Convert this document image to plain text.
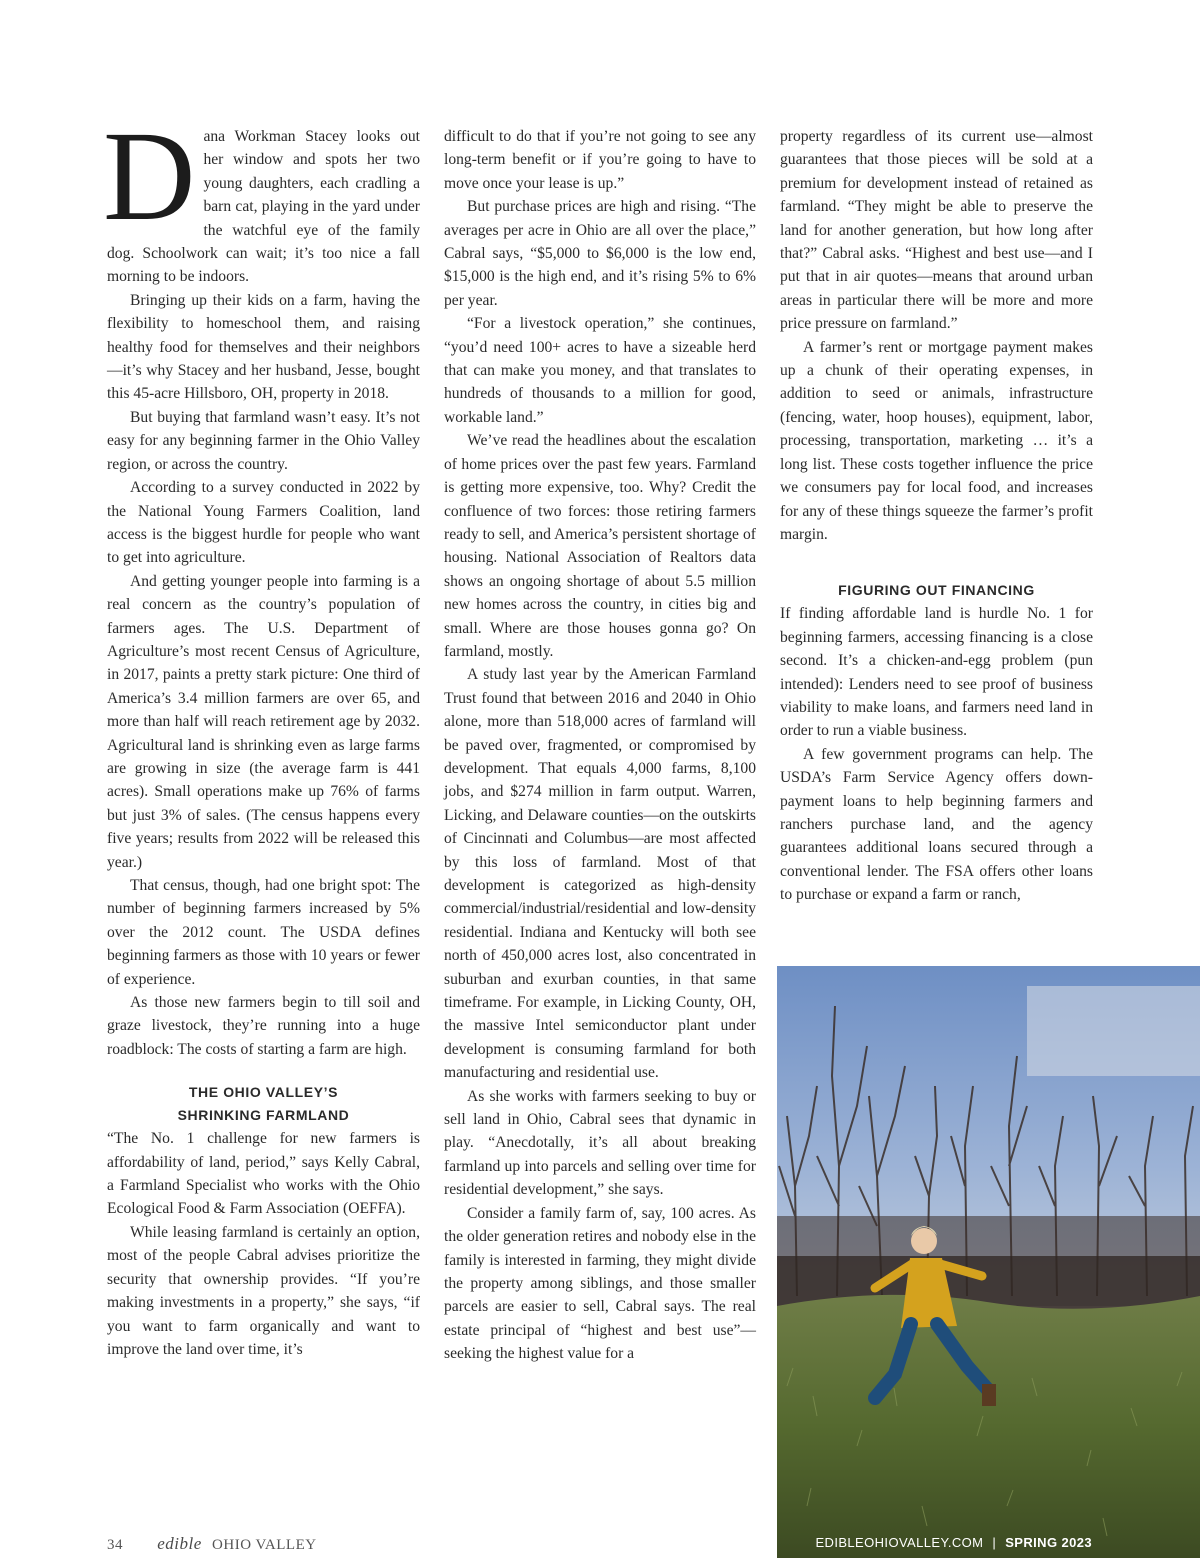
D ana Workman Stacey looks out her window and spots her two young daughters, each cradling a barn cat, playing in the yard under the watchful eye of the family dog. Schoolwork can wait; it’s too nice a fall morning to be indoors.

Bringing up their kids on a farm, having the flexibility to homeschool them, and raising healthy food for themselves and their neighbors—it’s why Stacey and her husband, Jesse, bought this 45-acre Hillsboro, OH, property in 2018.

But buying that farmland wasn’t easy. It’s not easy for any beginning farmer in the Ohio Valley region, or across the country.

According to a survey conducted in 2022 by the National Young Farmers Coalition, land access is the biggest hurdle for people who want to get into agriculture.

And getting younger people into farming is a real concern as the country’s population of farmers ages. The U.S. Department of Agriculture’s most recent Census of Agriculture, in 2017, paints a pretty stark picture: One third of America’s 3.4 million farmers are over 65, and more than half will reach retirement age by 2032. Agricultural land is shrinking even as large farms are growing in size (the average farm is 441 acres). Small operations make up 76% of farms but just 3% of sales. (The census happens every five years; results from 2022 will be released this year.)

That census, though, had one bright spot: The number of beginning farmers increased by 5% over the 2012 count. The USDA defines beginning farmers as those with 10 years or fewer of experience.

As those new farmers begin to till soil and graze livestock, they’re running into a huge roadblock: The costs of starting a farm are high.

THE OHIO VALLEY’S
SHRINKING FARMLAND

“The No. 1 challenge for new farmers is affordability of land, period,” says Kelly Cabral, a Farmland Specialist who works with the Ohio Ecological Food & Farm Association (OEFFA).

While leasing farmland is certainly an option, most of the people Cabral advises prioritize the security that ownership provides. “If you’re making investments in a property,” she says, “if you want to farm organically and want to improve the land over time, it’s

difficult to do that if you’re not going to see any long-term benefit or if you’re going to have to move once your lease is up.”

But purchase prices are high and rising. “The averages per acre in Ohio are all over the place,” Cabral says, “$5,000 to $6,000 is the low end, $15,000 is the high end, and it’s rising 5% to 6% per year.

“For a livestock operation,” she continues, “you’d need 100+ acres to have a sizeable herd that can make you money, and that translates to hundreds of thousands to a million for good, workable land.”

We’ve read the headlines about the escalation of home prices over the past few years. Farmland is getting more expensive, too. Why? Credit the confluence of two forces: those retiring farmers ready to sell, and America’s persistent shortage of housing. National Association of Realtors data shows an ongoing shortage of about 5.5 million new homes across the country, in cities big and small. Where are those houses gonna go? On farmland, mostly.

A study last year by the American Farmland Trust found that between 2016 and 2040 in Ohio alone, more than 518,000 acres of farmland will be paved over, fragmented, or compromised by development. That equals 4,000 farms, 8,100 jobs, and $274 million in farm output. Warren, Licking, and Delaware counties—on the outskirts of Cincinnati and Columbus—are most affected by this loss of farmland. Most of that development is categorized as high-density commercial/industrial/residential and low-density residential. Indiana and Kentucky will both see north of 450,000 acres lost, also concentrated in suburban and exurban counties, in that same timeframe. For example, in Licking County, OH, the massive Intel semiconductor plant under development is consuming farmland for both manufacturing and residential use.

As she works with farmers seeking to buy or sell land in Ohio, Cabral sees that dynamic in play. “Anecdotally, it’s all about breaking farmland up into parcels and selling over time for residential development,” she says.

Consider a family farm of, say, 100 acres. As the older generation retires and nobody else in the family is interested in farming, they might divide the property among siblings, and those smaller parcels are easier to sell, Cabral says. The real estate principal of “highest and best use”—seeking the highest value for a

property regardless of its current use—almost guarantees that those pieces will be sold at a premium for development instead of retained as farmland. “They might be able to preserve the land for another generation, but how long after that?” Cabral asks. “Highest and best use—and I put that in air quotes—means that around urban areas in particular there will be more and more price pressure on farmland.”

A farmer’s rent or mortgage payment makes up a chunk of their operating expenses, in addition to seed or animals, infrastructure (fencing, water, hoop houses), equipment, labor, processing, transportation, marketing … it’s a long list. These costs together influence the price we consumers pay for local food, and increases for any of these things squeeze the farmer’s profit margin.

FIGURING OUT FINANCING

If finding affordable land is hurdle No. 1 for beginning farmers, accessing financing is a close second. It’s a chicken-and-egg problem (pun intended): Lenders need to see proof of business viability to make loans, and farmers need land in order to run a viable business.

A few government programs can help. The USDA’s Farm Service Agency offers down-payment loans to help beginning farmers and ranchers purchase land, and the agency guarantees additional loans secured through a conventional lender. The FSA offers other loans to purchase or expand a farm or ranch,

34 edible OHIO VALLEY	EDIBLEOHIOVALLEY.COM | SPRING 2023
